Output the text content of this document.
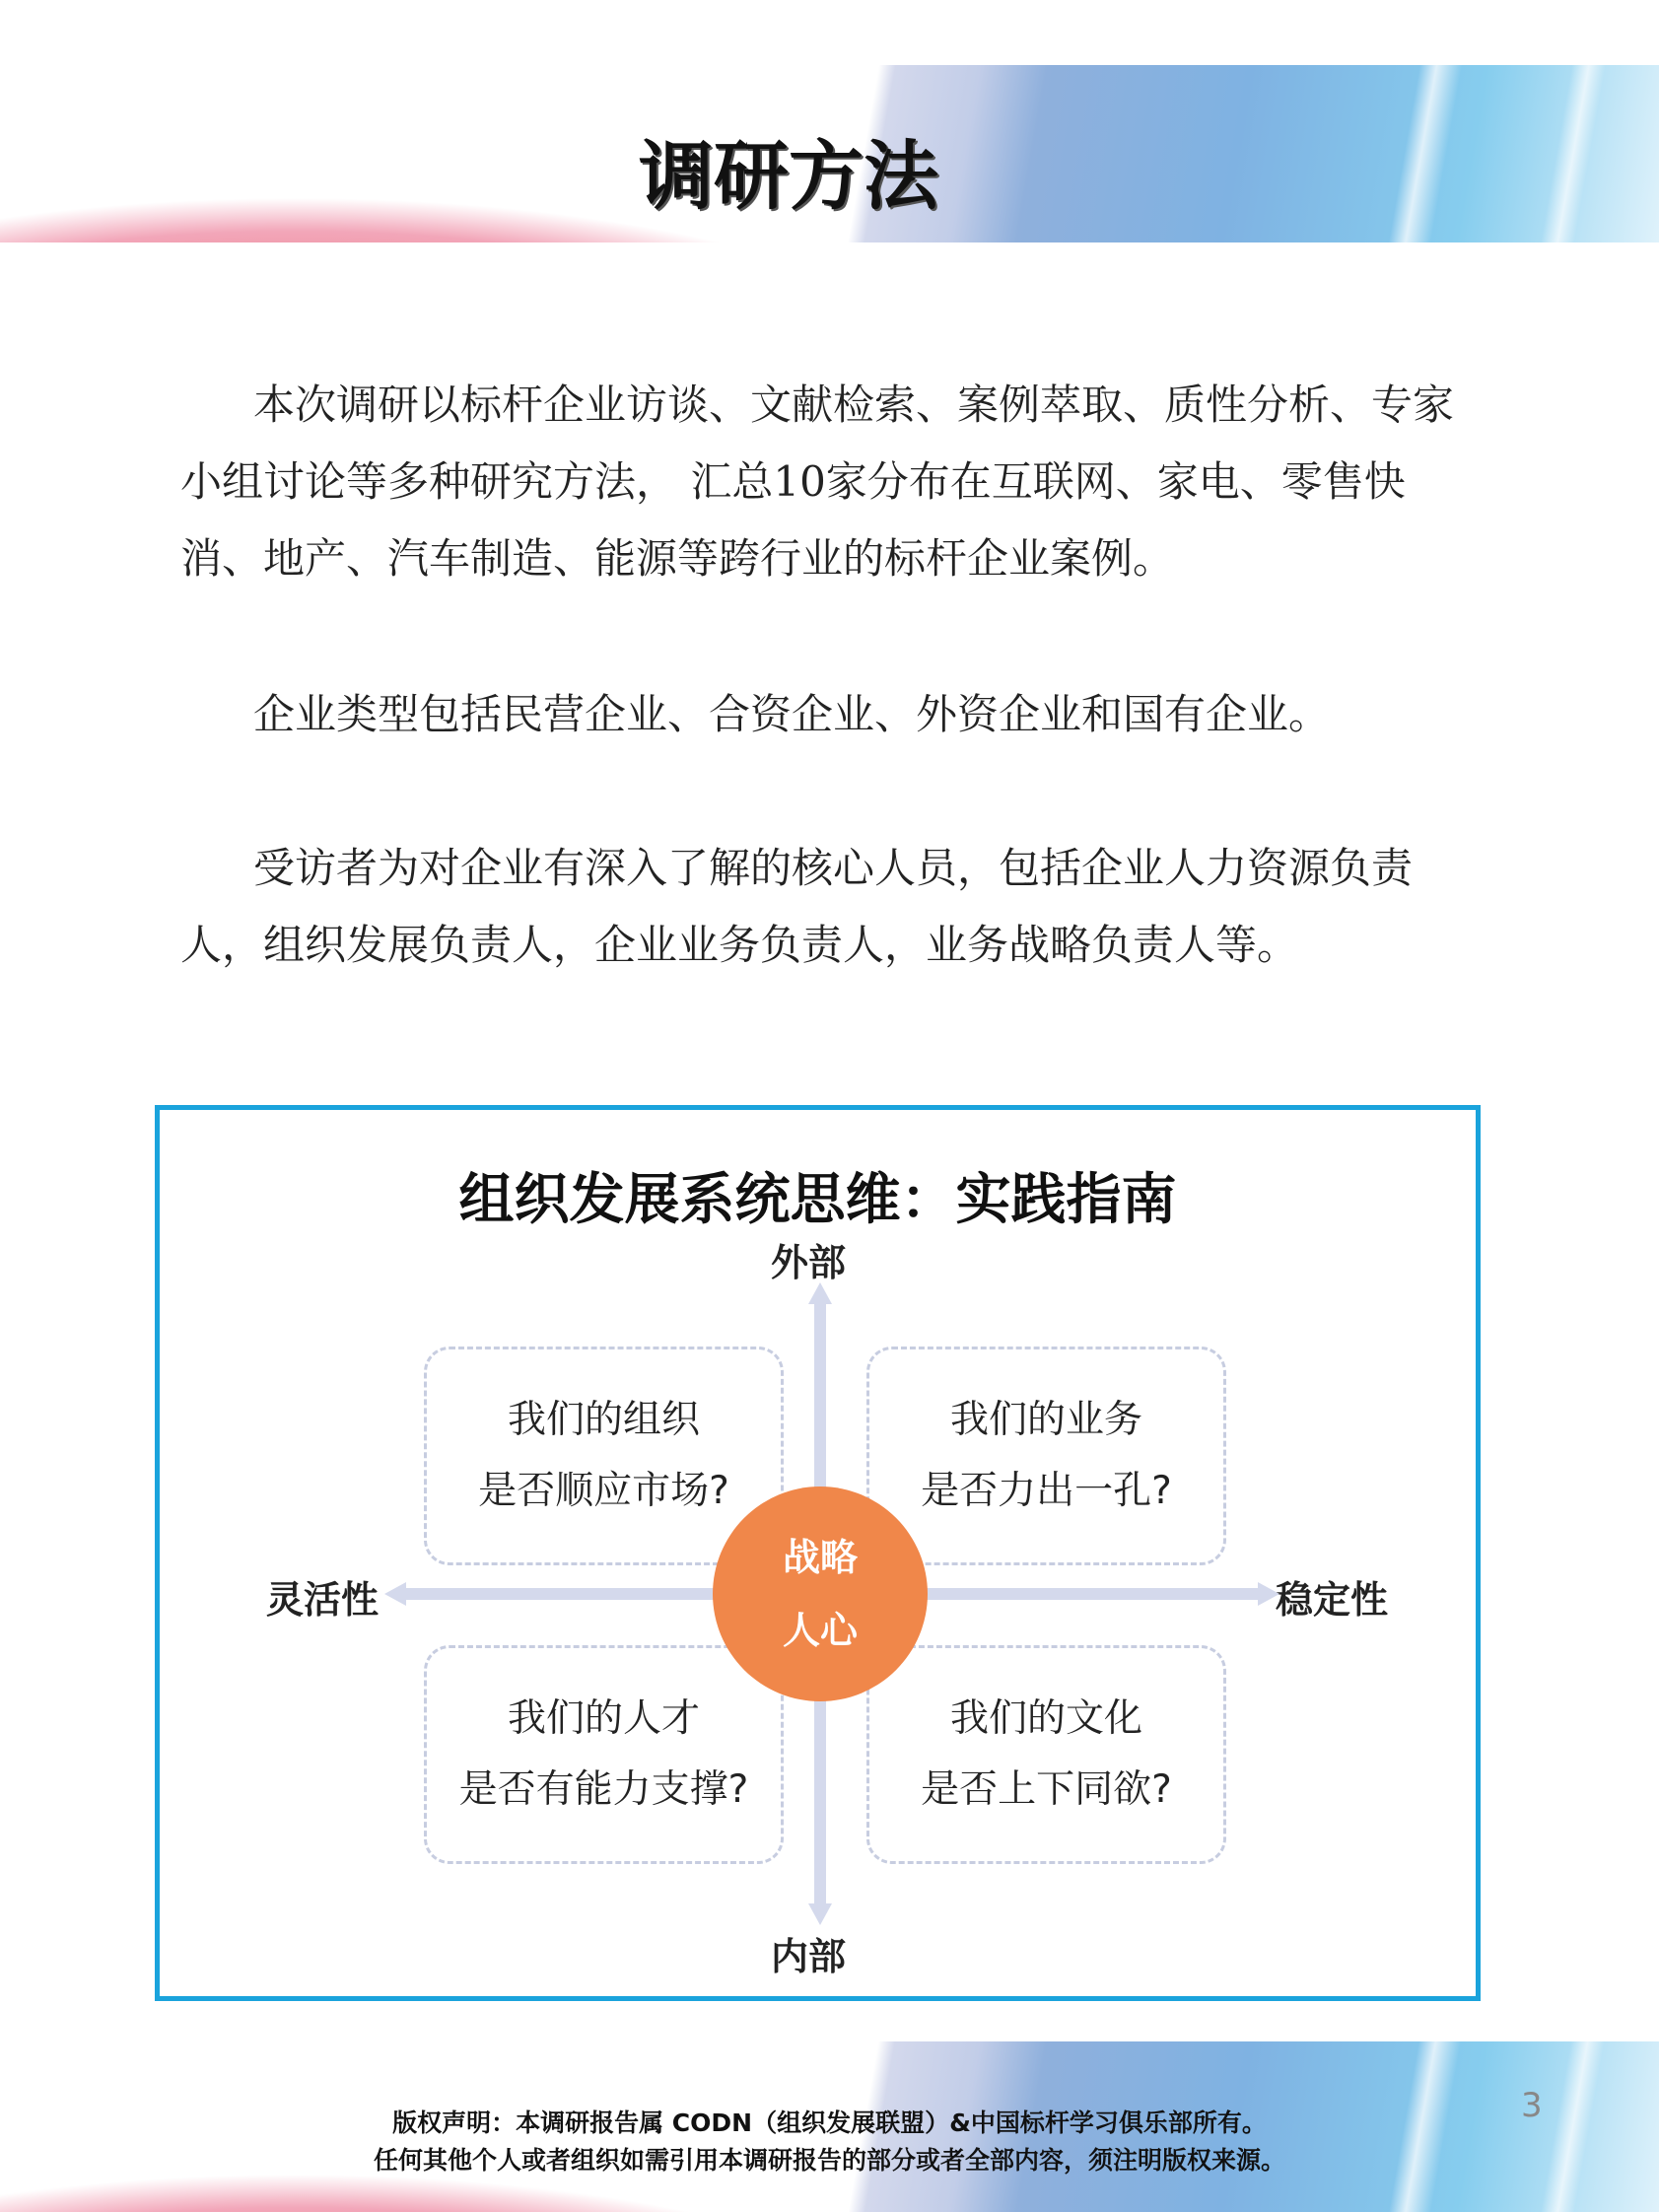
调研方法

本次调研以标杆企业访谈、文献检索、案例萃取、质性分析、专家小组讨论等多种研究方法， 汇总10家分布在互联网、家电、零售快消、地产、汽车制造、能源等跨行业的标杆企业案例。

企业类型包括民营企业、合资企业、外资企业和国有企业。

受访者为对企业有深入了解的核心人员，包括企业人力资源负责人，组织发展负责人，企业业务负责人，业务战略负责人等。

组织发展系统思维：实践指南
外部
内部
灵活性	稳定性
我们的组织
是否顺应市场?
我们的业务
是否力出一孔?
我们的人才
是否有能力支撑?
我们的文化
是否上下同欲?
战略
人心
版权声明：本调研报告属 CODN（组织发展联盟）&中国标杆学习俱乐部所有。
任何其他个人或者组织如需引用本调研报告的部分或者全部内容，须注明版权来源。
3
